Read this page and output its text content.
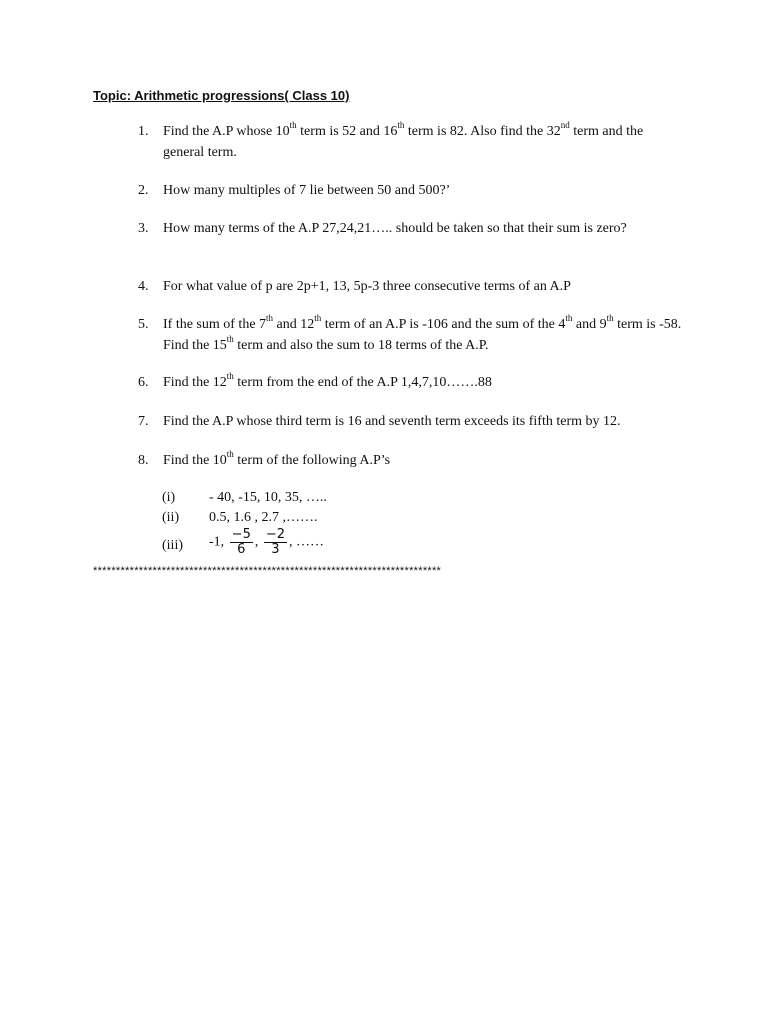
Topic: Arithmetic progressions( Class 10)
1. Find the A.P whose 10th term is 52 and 16th term is 82. Also find the 32nd term and the general term.
2. How many multiples of 7 lie between 50 and 500?’
3. How many terms of the A.P 27,24,21….. should be taken so that their sum is zero?
4. For what value of p are 2p+1, 13, 5p-3 three consecutive terms of an A.P
5. If the sum of the 7th and 12th term of an A.P is -106 and the sum of the 4th and 9th term is -58. Find the 15th term and also the sum to 18 terms of the A.P.
6. Find the 12th term from the end of the A.P 1,4,7,10…….88
7. Find the A.P whose third term is 16 and seventh term exceeds its fifth term by 12.
8. Find the 10th term of the following A.P’s
(i) - 40, -15, 10, 35, …..
(ii) 0.5, 1.6 , 2.7 ,…….
(iii) -1, $\frac{-5}{6}$ , $\frac{-2}{3}$ , ……
****************************************************************************
